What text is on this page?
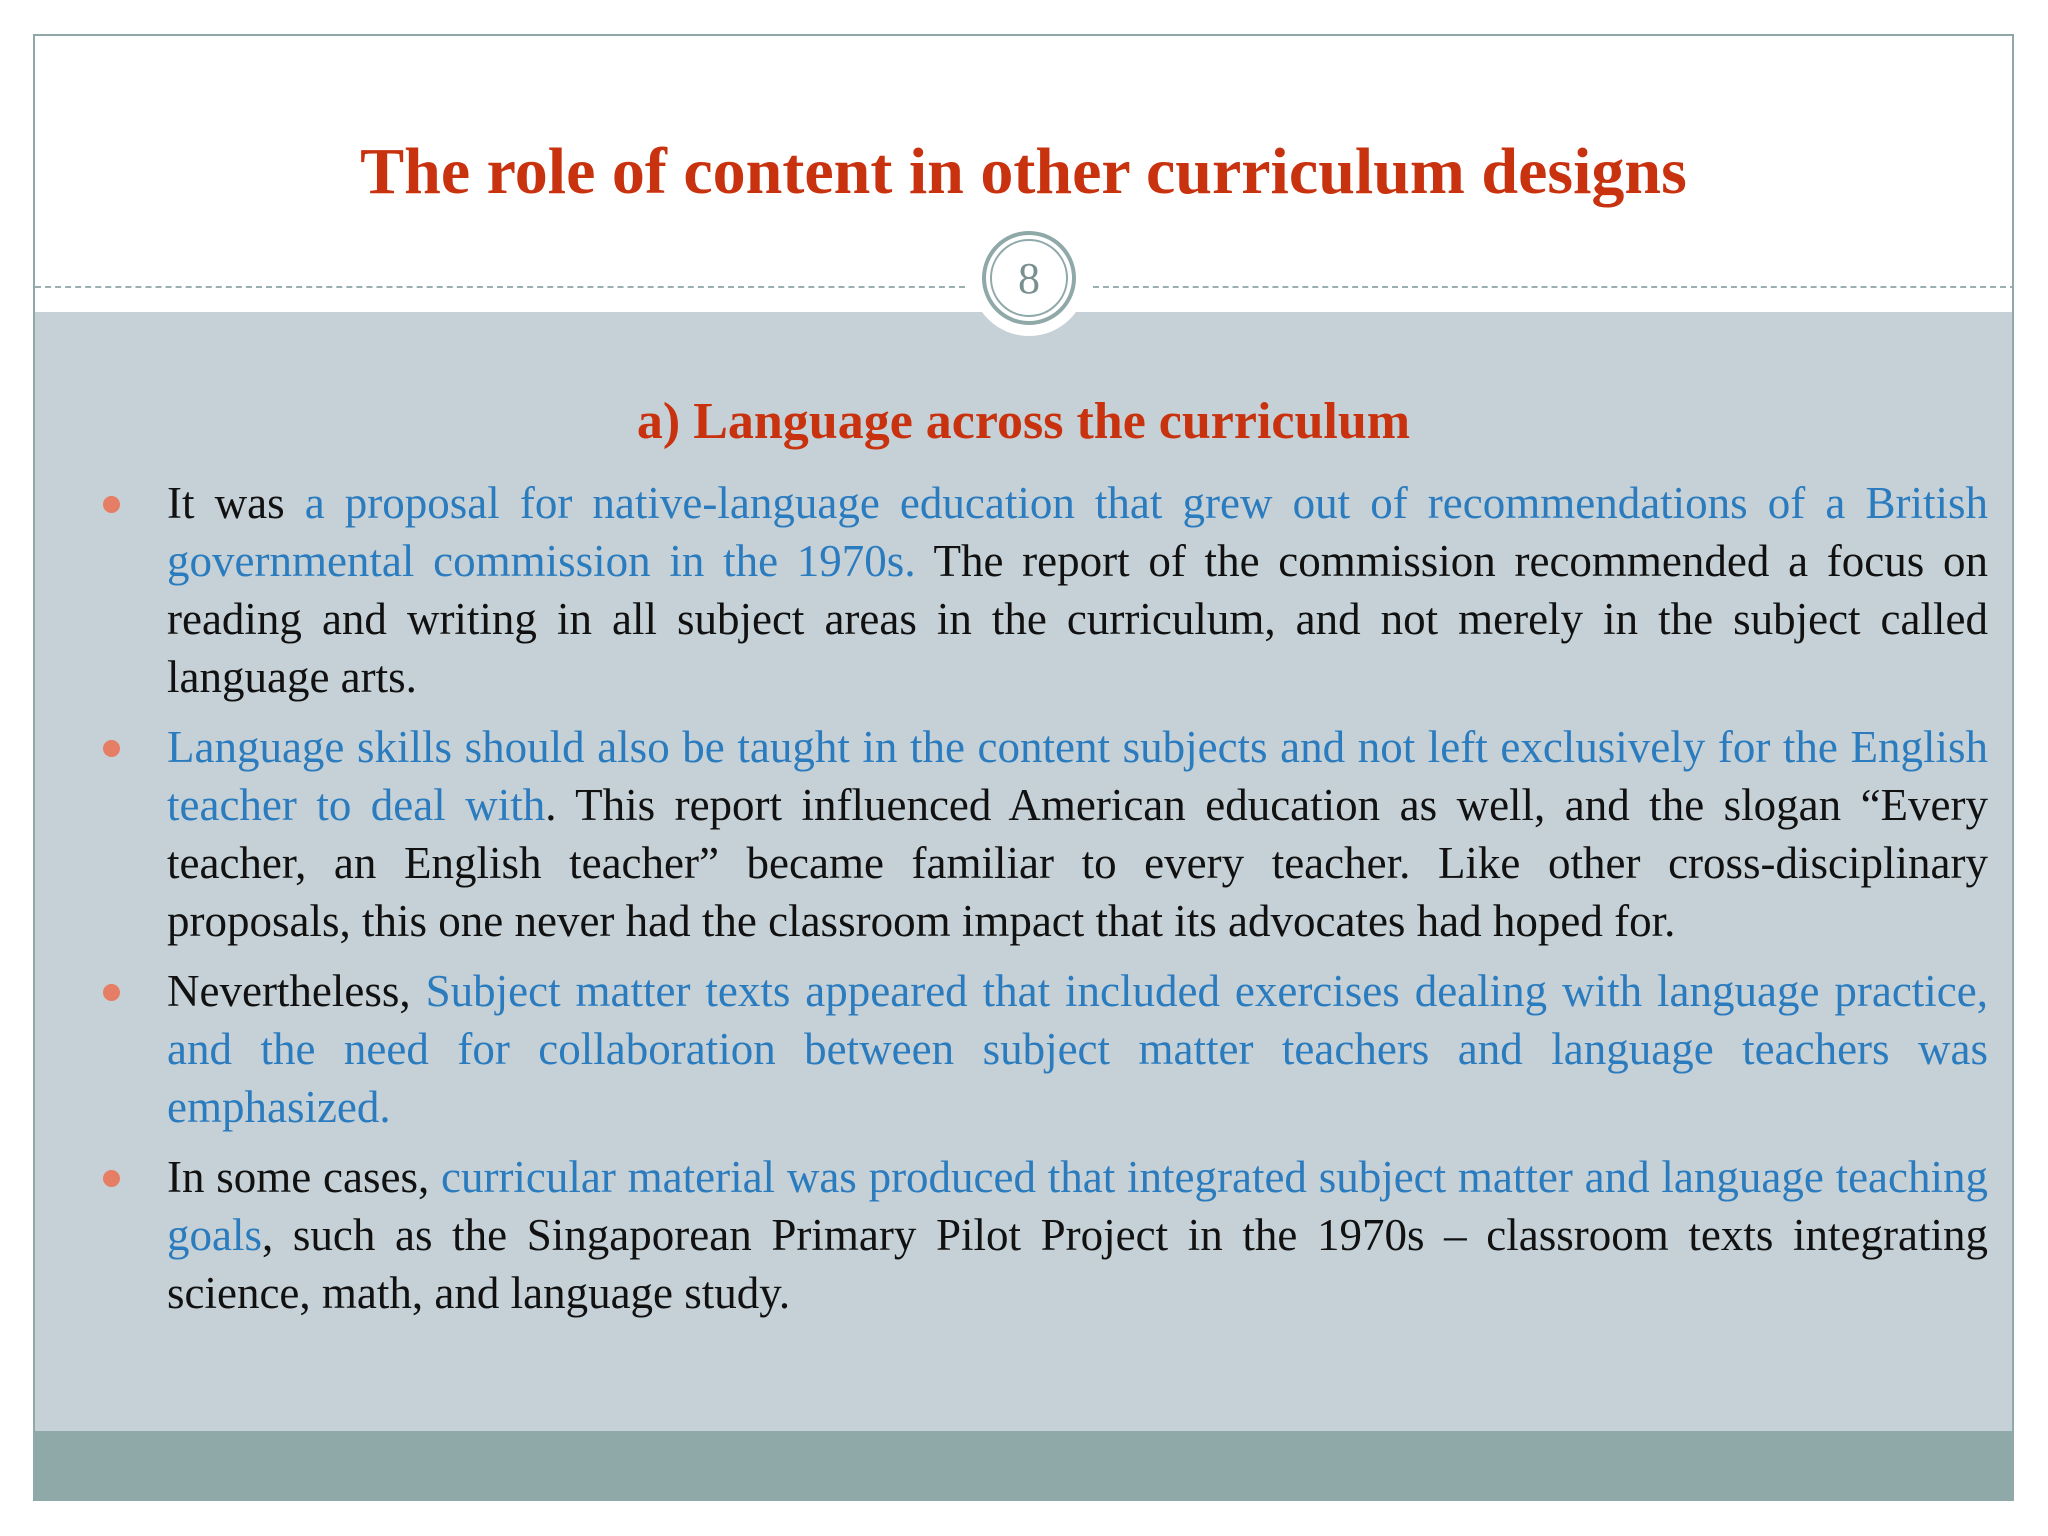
The role of content in other curriculum designs
8
a) Language across the curriculum
It was a proposal for native-language education that grew out of recommendations of a British governmental commission in the 1970s. The report of the commission recommended a focus on reading and writing in all subject areas in the curriculum, and not merely in the subject called language arts.
Language skills should also be taught in the content subjects and not left exclusively for the English teacher to deal with. This report influenced American education as well, and the slogan “Every teacher, an English teacher” became familiar to every teacher. Like other cross-disciplinary proposals, this one never had the classroom impact that its advocates had hoped for.
Nevertheless, Subject matter texts appeared that included exercises dealing with language practice, and the need for collaboration between subject matter teachers and language teachers was emphasized.
In some cases, curricular material was produced that integrated subject matter and language teaching goals, such as the Singaporean Primary Pilot Project in the 1970s – classroom texts integrating science, math, and language study.
